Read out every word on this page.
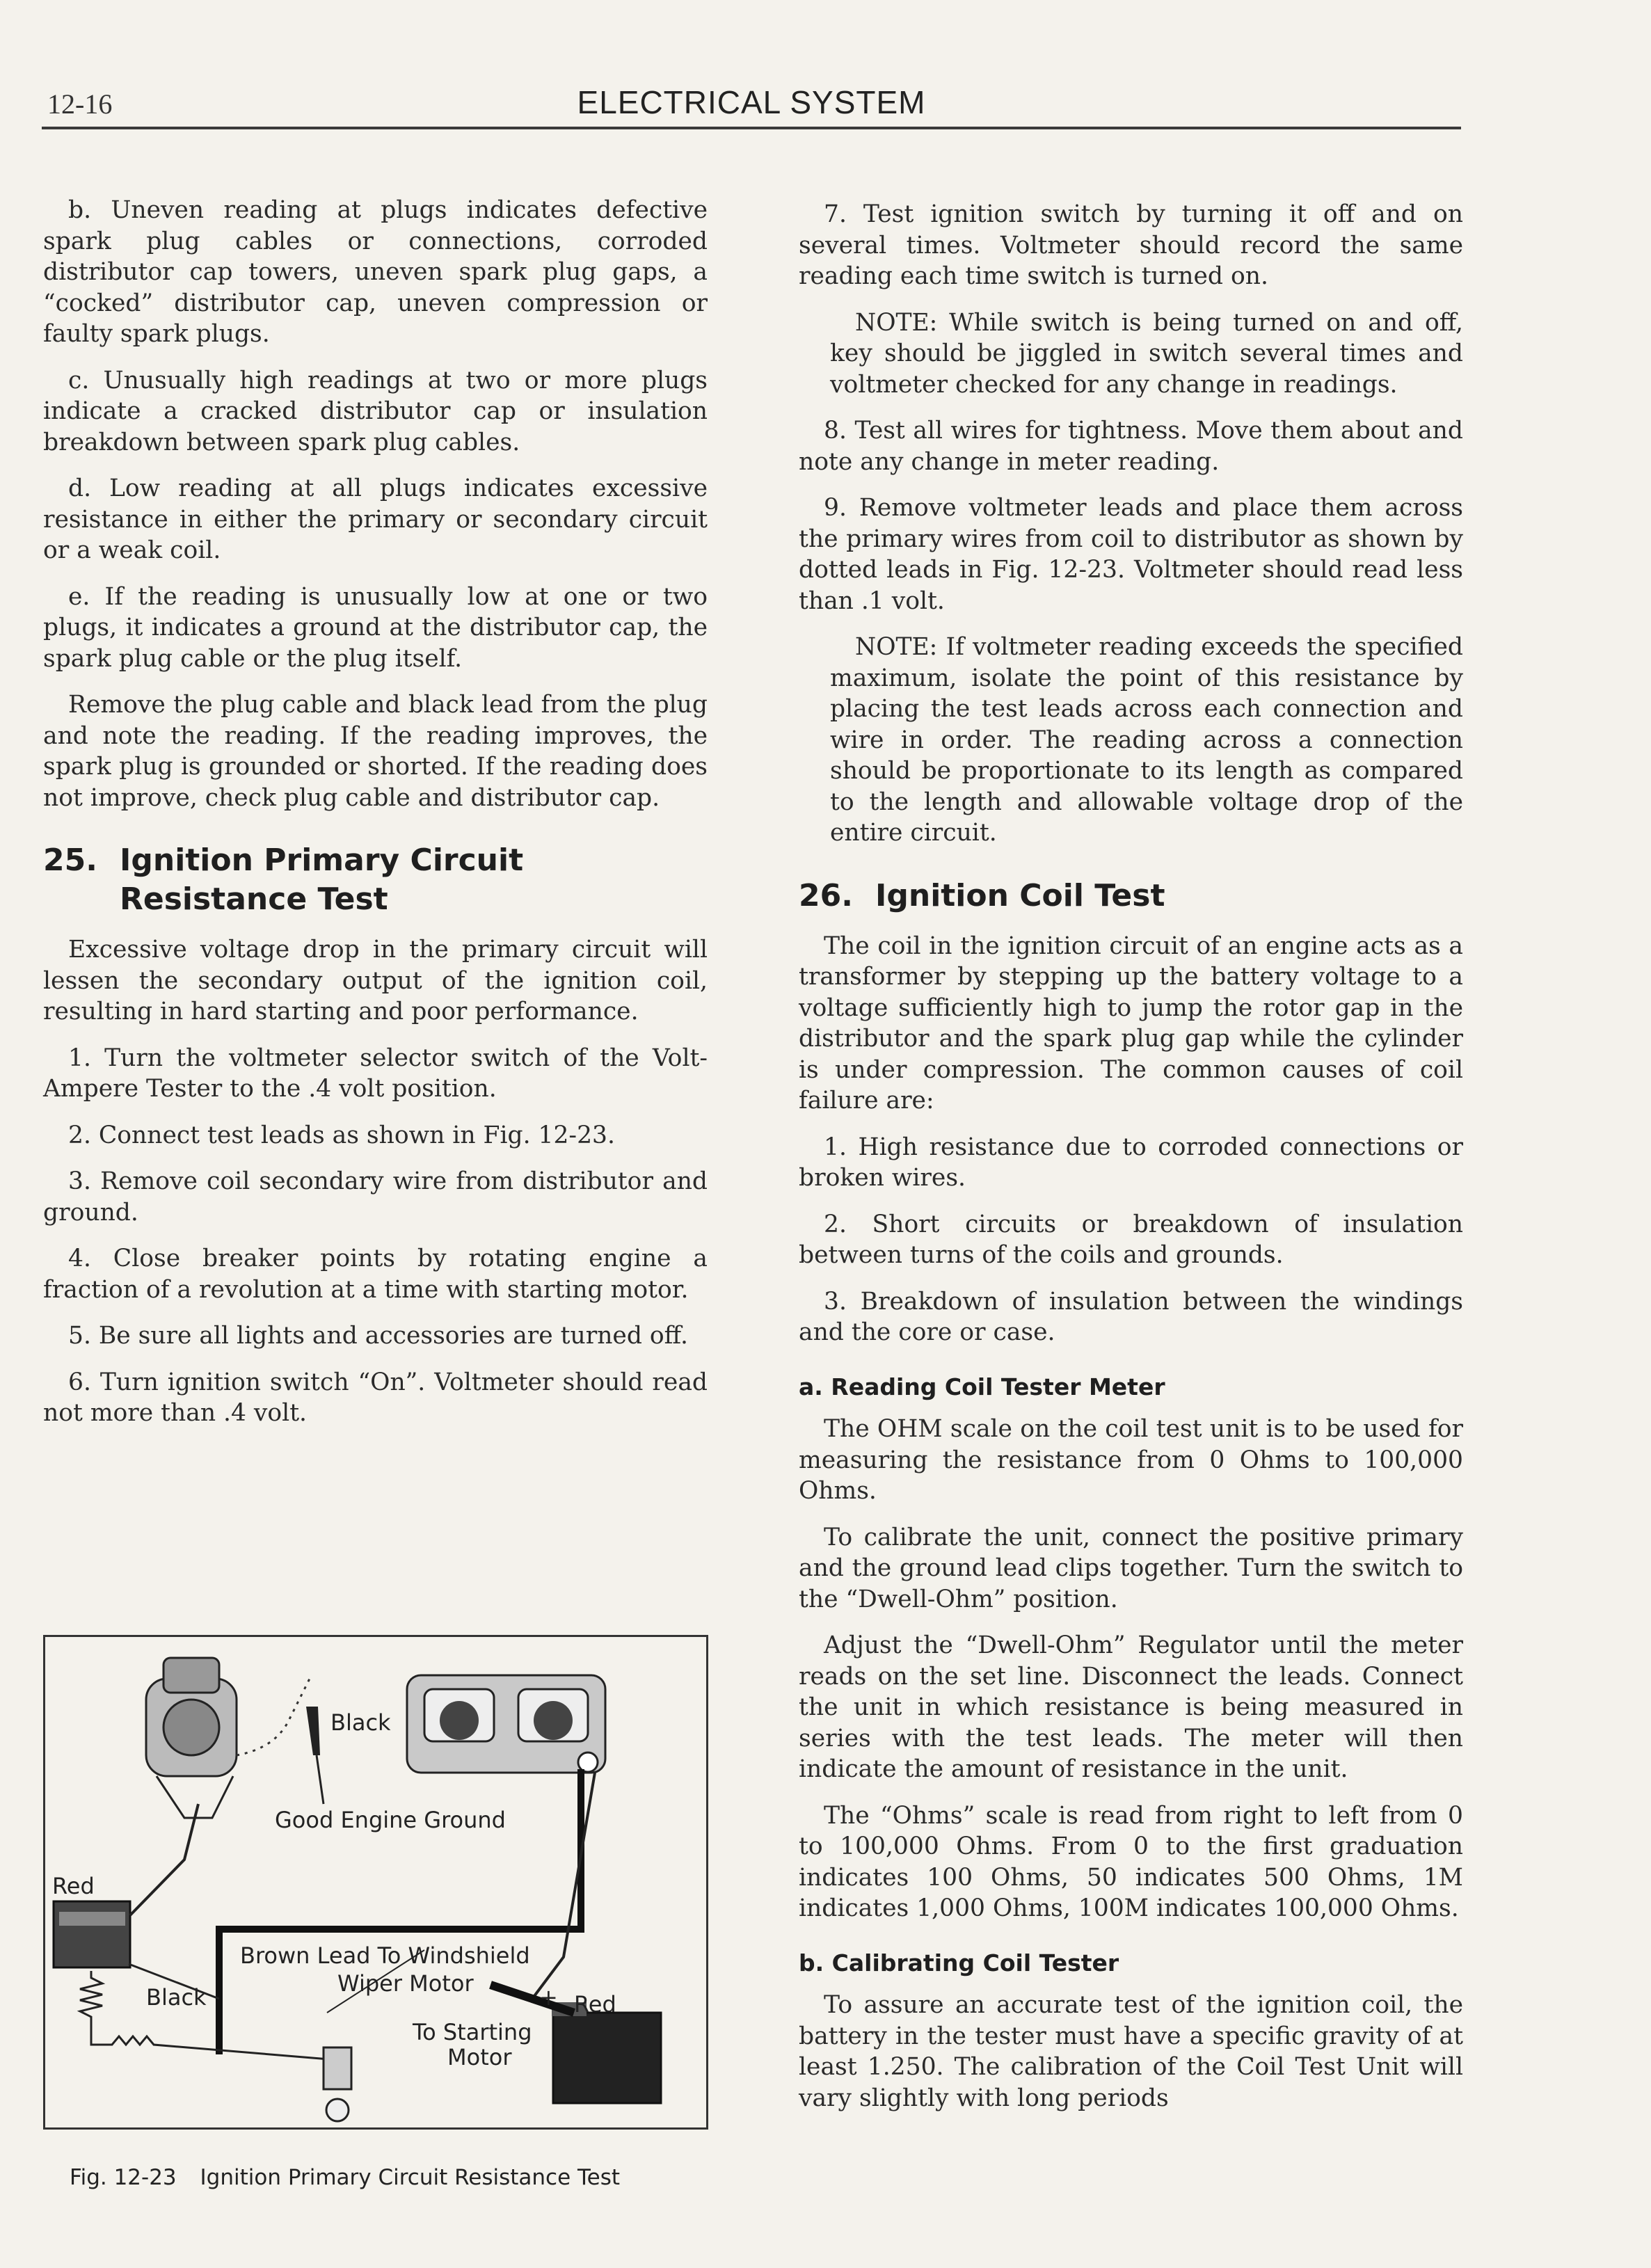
12-16	ELECTRICAL SYSTEM

b. Uneven reading at plugs indicates defective spark plug cables or connections, corroded distributor cap towers, uneven spark plug gaps, a “cocked” distributor cap, uneven compression or faulty spark plugs.

c. Unusually high readings at two or more plugs indicate a cracked distributor cap or insulation breakdown between spark plug cables.

d. Low reading at all plugs indicates excessive resistance in either the primary or secondary circuit or a weak coil.

e. If the reading is unusually low at one or two plugs, it indicates a ground at the distributor cap, the spark plug cable or the plug itself.

Remove the plug cable and black lead from the plug and note the reading. If the reading improves, the spark plug is grounded or shorted. If the reading does not improve, check plug cable and distributor cap.

25. Ignition Primary Circuit Resistance Test

Excessive voltage drop in the primary circuit will lessen the secondary output of the ignition coil, resulting in hard starting and poor performance.

1. Turn the voltmeter selector switch of the Volt-Ampere Tester to the .4 volt position.

2. Connect test leads as shown in Fig. 12-23.

3. Remove coil secondary wire from distributor and ground.

4. Close breaker points by rotating engine a fraction of a revolution at a time with starting motor.

5. Be sure all lights and accessories are turned off.

6. Turn ignition switch “On”. Voltmeter should read not more than .4 volt.

Black
Good Engine Ground
Red
Brown Lead To Windshield
Wiper Motor
Black	+ Red
To Starting
Motor
Fig. 12-23 Ignition Primary Circuit Resistance Test

7. Test ignition switch by turning it off and on several times. Voltmeter should record the same reading each time switch is turned on.

NOTE: While switch is being turned on and off, key should be jiggled in switch several times and voltmeter checked for any change in readings.

8. Test all wires for tightness. Move them about and note any change in meter reading.

9. Remove voltmeter leads and place them across the primary wires from coil to distributor as shown by dotted leads in Fig. 12-23. Voltmeter should read less than .1 volt.

NOTE: If voltmeter reading exceeds the specified maximum, isolate the point of this resistance by placing the test leads across each connection and wire in order. The reading across a connection should be proportionate to its length as compared to the length and allowable voltage drop of the entire circuit.

26. Ignition Coil Test

The coil in the ignition circuit of an engine acts as a transformer by stepping up the battery voltage to a voltage sufficiently high to jump the rotor gap in the distributor and the spark plug gap while the cylinder is under compression. The common causes of coil failure are:

1. High resistance due to corroded connections or broken wires.

2. Short circuits or breakdown of insulation between turns of the coils and grounds.

3. Breakdown of insulation between the windings and the core or case.

a. Reading Coil Tester Meter

The OHM scale on the coil test unit is to be used for measuring the resistance from 0 Ohms to 100,000 Ohms.

To calibrate the unit, connect the positive primary and the ground lead clips together. Turn the switch to the “Dwell-Ohm” position.

Adjust the “Dwell-Ohm” Regulator until the meter reads on the set line. Disconnect the leads. Connect the unit in which resistance is being measured in series with the test leads. The meter will then indicate the amount of resistance in the unit.

The “Ohms” scale is read from right to left from 0 to 100,000 Ohms. From 0 to the first graduation indicates 100 Ohms, 50 indicates 500 Ohms, 1M indicates 1,000 Ohms, 100M indicates 100,000 Ohms.

b. Calibrating Coil Tester

To assure an accurate test of the ignition coil, the battery in the tester must have a specific gravity of at least 1.250. The calibration of the Coil Test Unit will vary slightly with long periods
